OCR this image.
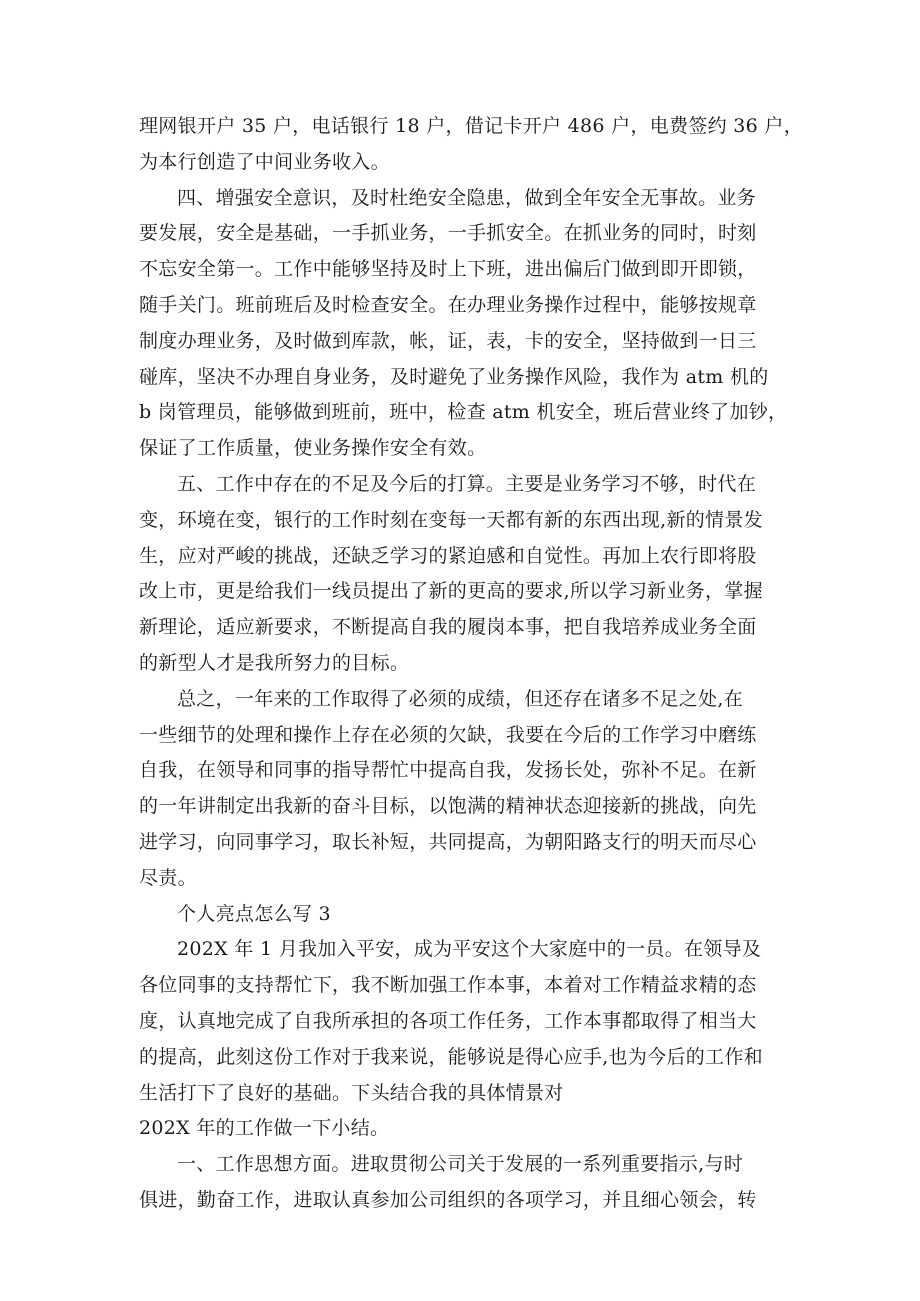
理网银开户 35 户，电话银行 18 户，借记卡开户 486 户，电费签约 36 户，
为本行创造了中间业务收入。
四、增强安全意识，及时杜绝安全隐患，做到全年安全无事故。业务
要发展，安全是基础，一手抓业务，一手抓安全。在抓业务的同时，时刻
不忘安全第一。工作中能够坚持及时上下班，进出偏后门做到即开即锁，
随手关门。班前班后及时检查安全。在办理业务操作过程中，能够按规章
制度办理业务，及时做到库款，帐，证，表，卡的安全，坚持做到一日三
碰库，坚决不办理自身业务，及时避免了业务操作风险，我作为 atm 机的
b 岗管理员，能够做到班前，班中，检查 atm 机安全，班后营业终了加钞，
保证了工作质量，使业务操作安全有效。
五、工作中存在的不足及今后的打算。主要是业务学习不够，时代在
变，环境在变，银行的工作时刻在变每一天都有新的东西出现,新的情景发
生，应对严峻的挑战，还缺乏学习的紧迫感和自觉性。再加上农行即将股
改上市，更是给我们一线员提出了新的更高的要求,所以学习新业务，掌握
新理论，适应新要求，不断提高自我的履岗本事，把自我培养成业务全面
的新型人才是我所努力的目标。
总之，一年来的工作取得了必须的成绩，但还存在诸多不足之处,在
一些细节的处理和操作上存在必须的欠缺，我要在今后的工作学习中磨练
自我，在领导和同事的指导帮忙中提高自我，发扬长处，弥补不足。在新
的一年讲制定出我新的奋斗目标，以饱满的精神状态迎接新的挑战，向先
进学习，向同事学习，取长补短，共同提高，为朝阳路支行的明天而尽心
尽责。
个人亮点怎么写 3
202X 年 1 月我加入平安，成为平安这个大家庭中的一员。在领导及
各位同事的支持帮忙下，我不断加强工作本事，本着对工作精益求精的态
度，认真地完成了自我所承担的各项工作任务，工作本事都取得了相当大
的提高，此刻这份工作对于我来说，能够说是得心应手,也为今后的工作和
生活打下了良好的基础。下头结合我的具体情景对
202X 年的工作做一下小结。
一、工作思想方面。进取贯彻公司关于发展的一系列重要指示,与时
俱进，勤奋工作，进取认真参加公司组织的各项学习，并且细心领会，转
